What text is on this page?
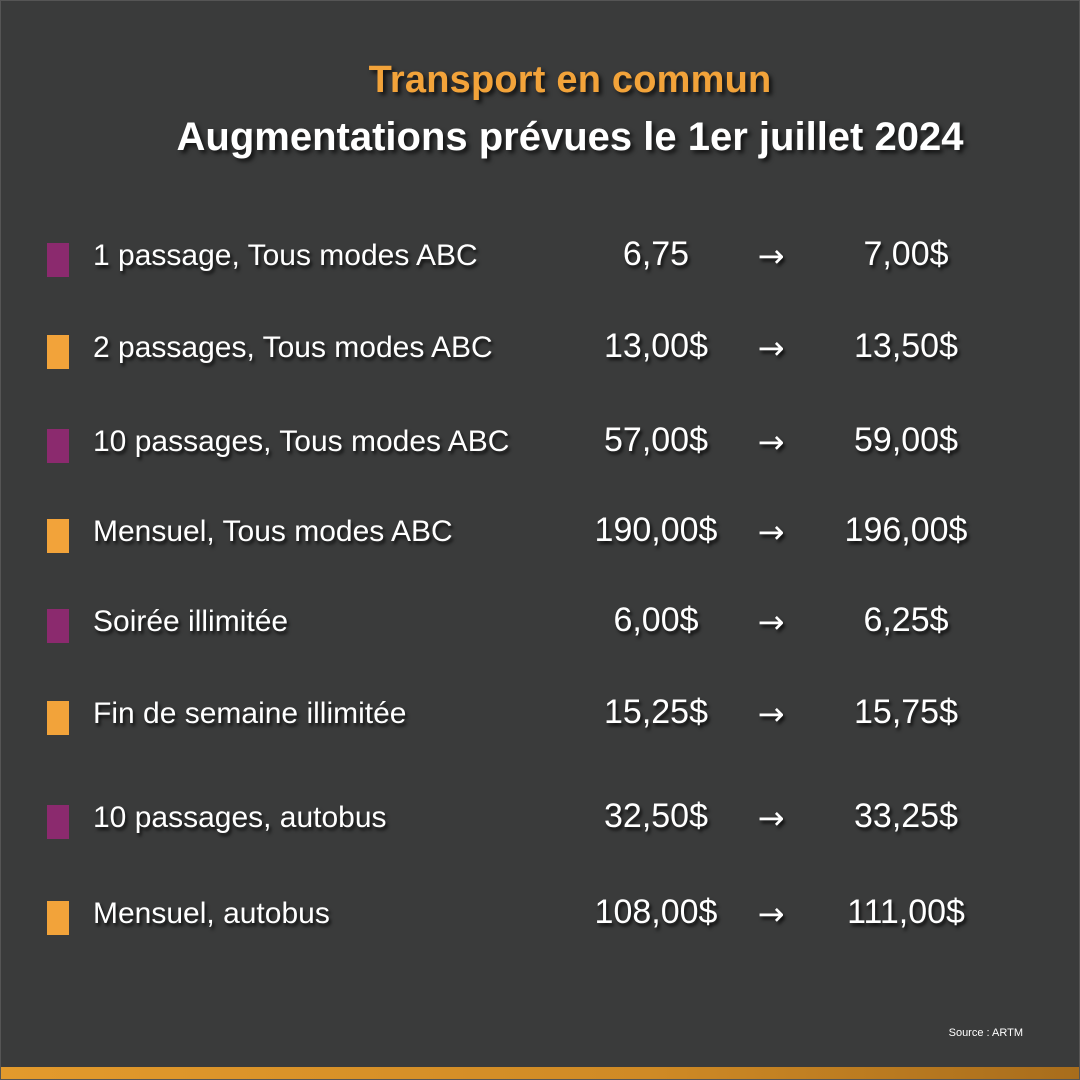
Transport en commun
Augmentations prévues le 1er juillet 2024
1 passage, Tous modes ABC	6,75	→	7,00$
2 passages, Tous modes ABC	13,00$	→	13,50$
10 passages, Tous modes ABC	57,00$	→	59,00$
Mensuel, Tous modes ABC	190,00$	→	196,00$
Soirée illimitée	6,00$	→	6,25$
Fin de semaine illimitée	15,25$	→	15,75$
10 passages, autobus	32,50$	→	33,25$
Mensuel, autobus	108,00$	→	111,00$
Source : ARTM
